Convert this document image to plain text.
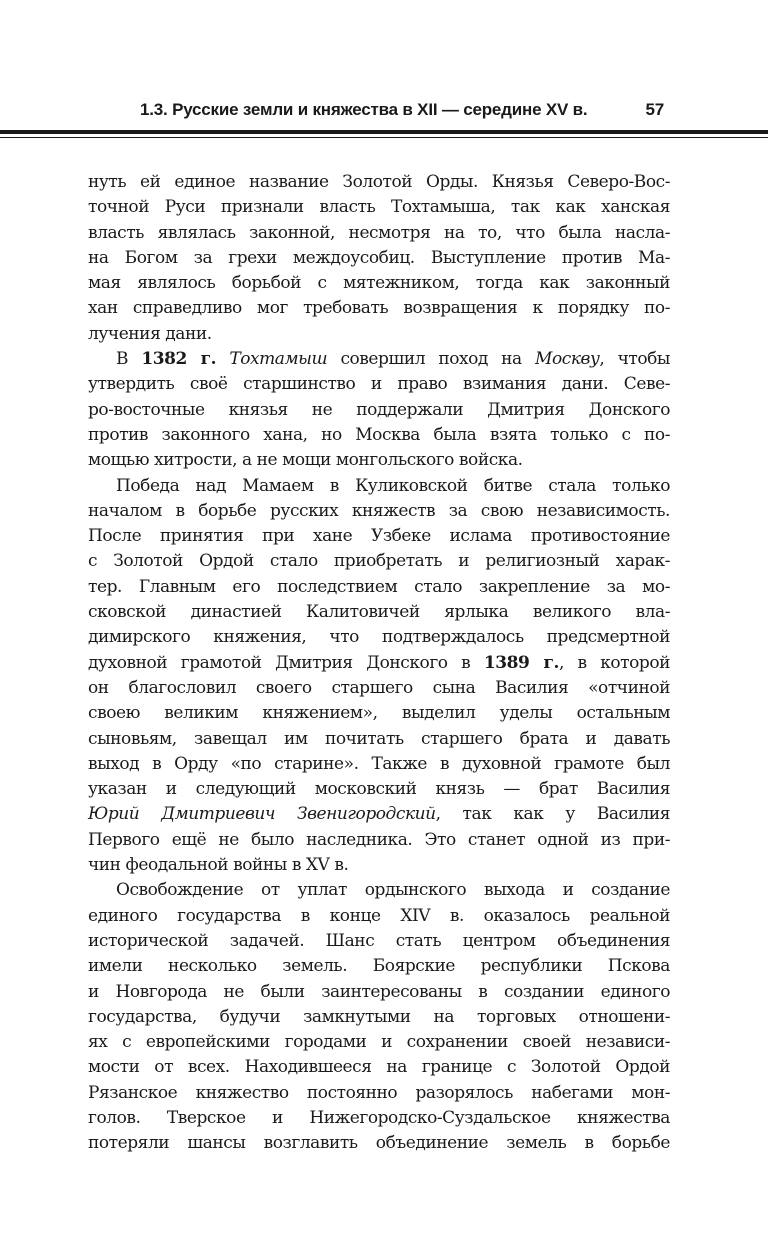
1.3. Русские земли и княжества в XII — середине XV в.	57

нуть ей единое название Золотой Орды. Князья Северо-Вос-
точной Руси признали власть Тохтамыша, так как ханская
власть являлась законной, несмотря на то, что была насла-
на Богом за грехи междоусобиц. Выступление против Ма-
мая являлось борьбой с мятежником, тогда как законный
хан справедливо мог требовать возвращения к порядку по-
лучения дани.

В 1382 г. Тохтамыш совершил поход на Москву, чтобы
утвердить своё старшинство и право взимания дани. Севе-
ро-восточные князья не поддержали Дмитрия Донского
против законного хана, но Москва была взята только с по-
мощью хитрости, а не мощи монгольского войска.

Победа над Мамаем в Куликовской битве стала только
началом в борьбе русских княжеств за свою независимость.
После принятия при хане Узбеке ислама противостояние
с Золотой Ордой стало приобретать и религиозный харак-
тер. Главным его последствием стало закрепление за мо-
сковской династией Калитовичей ярлыка великого вла-
димирского княжения, что подтверждалось предсмертной
духовной грамотой Дмитрия Донского в 1389 г., в которой
он благословил своего старшего сына Василия «отчиной
своею великим княжением», выделил уделы остальным
сыновьям, завещал им почитать старшего брата и давать
выход в Орду «по старине». Также в духовной грамоте был
указан и следующий московский князь — брат Василия
Юрий Дмитриевич Звенигородский, так как у Василия
Первого ещё не было наследника. Это станет одной из при-
чин феодальной войны в XV в.

Освобождение от уплат ордынского выхода и создание
единого государства в конце XIV в. оказалось реальной
исторической задачей. Шанс стать центром объединения
имели несколько земель. Боярские республики Пскова
и Новгорода не были заинтересованы в создании единого
государства, будучи замкнутыми на торговых отношени-
ях с европейскими городами и сохранении своей независи-
мости от всех. Находившееся на границе с Золотой Ордой
Рязанское княжество постоянно разорялось набегами мон-
голов. Тверское и Нижегородско-Суздальское княжества
потеряли шансы возглавить объединение земель в борьбе
